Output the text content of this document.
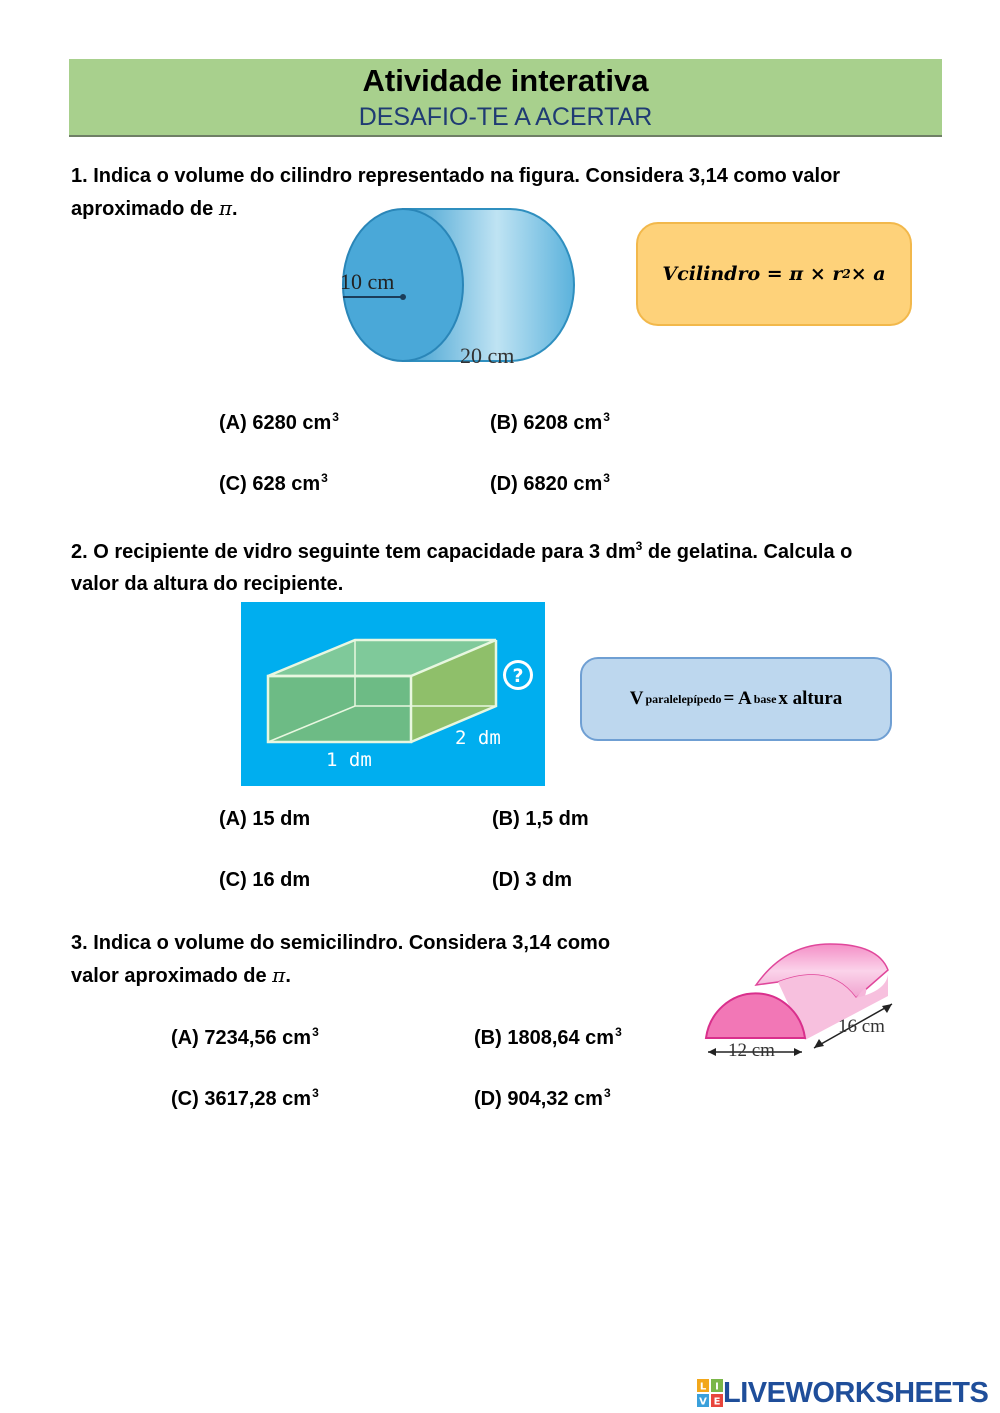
Atividade interativa
DESAFIO-TE A ACERTAR
1. Indica o volume do cilindro representado na figura. Considera 3,14 como valor
aproximado de π.
10 cm
20 cm
Vcilindro
= π × r 2 × a
(A) 6280 $cm^3$	(B) 6208 $cm^3$
(C) 628 $cm^3$	(D) 6820 $cm^3$
2. O recipiente de vidro seguinte tem capacidade para 3 $dm^3$ de gelatina. Calcula o
valor da altura do recipiente.
?
1 dm
2 dm
V paralelepípedo = A base x altura
(A) 15 dm	(B) 1,5 dm
(C) 16 dm	(D) 3 dm
3. Indica o volume do semicilindro. Considera 3,14 como
valor aproximado de π.
12 cm
16 cm
(A) 7234,56 $cm^3$	(B) 1808,64 $cm^3$
(C) 3617,28 $cm^3$	(D) 904,32 $cm^3$
L I
V E LIVEWORKSHEETS
